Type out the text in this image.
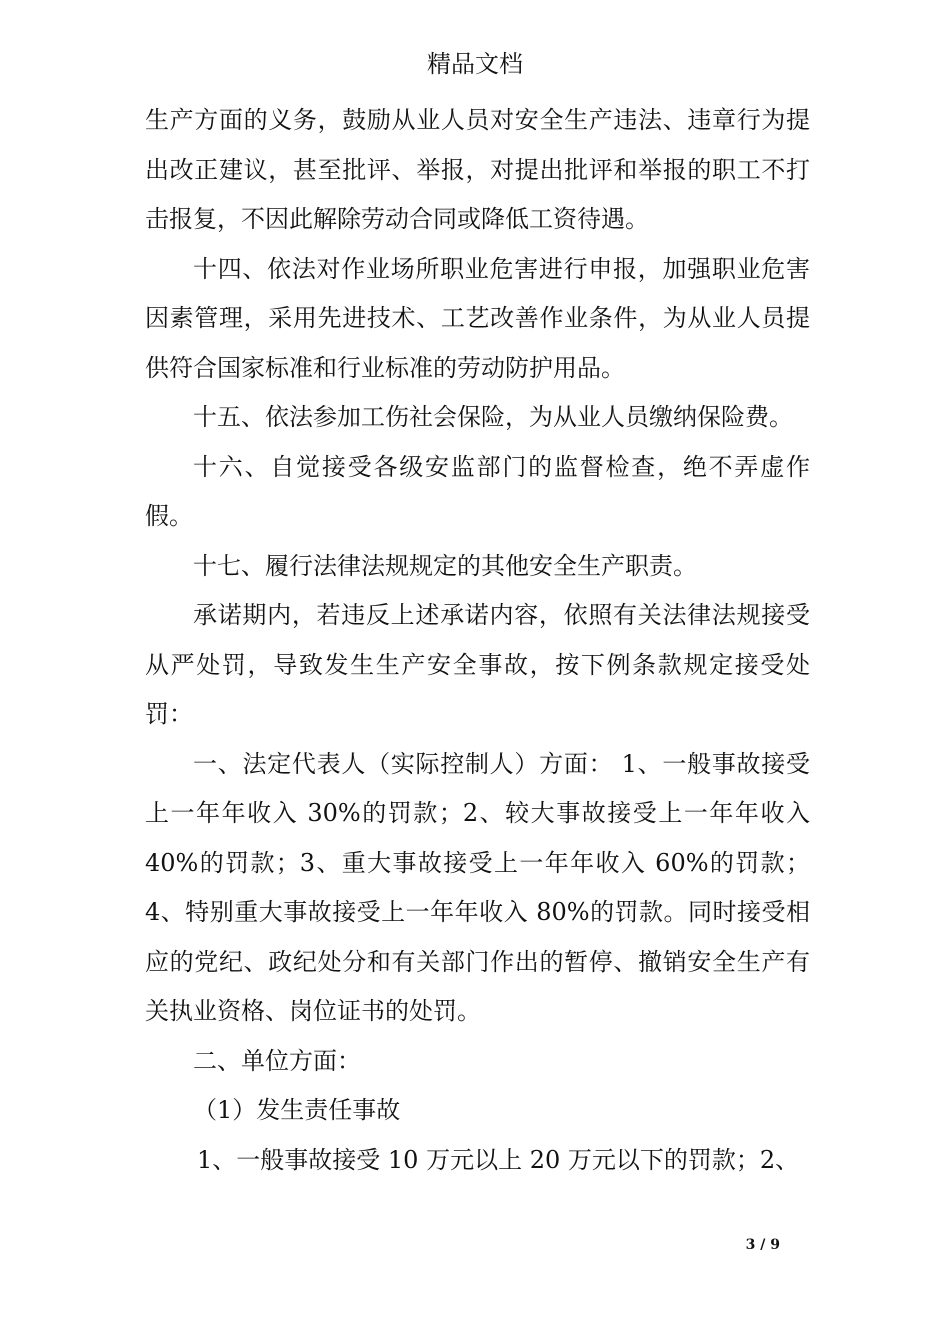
精品文档

生产方面的义务，鼓励从业人员对安全生产违法、违章行为提出改正建议，甚至批评、举报，对提出批评和举报的职工不打击报复，不因此解除劳动合同或降低工资待遇。

十四、依法对作业场所职业危害进行申报，加强职业危害因素管理，采用先进技术、工艺改善作业条件，为从业人员提供符合国家标准和行业标准的劳动防护用品。

十五、依法参加工伤社会保险，为从业人员缴纳保险费。

十六、自觉接受各级安监部门的监督检查，绝不弄虚作假。

十七、履行法律法规规定的其他安全生产职责。

承诺期内，若违反上述承诺内容，依照有关法律法规接受从严处罚，导致发生生产安全事故，按下例条款规定接受处罚：

一、法定代表人（实际控制人）方面： 1、一般事故接受上一年年收入 30%的罚款；2、较大事故接受上一年年收入 40%的罚款；3、重大事故接受上一年年收入 60%的罚款；4、特别重大事故接受上一年年收入 80%的罚款。同时接受相应的党纪、政纪处分和有关部门作出的暂停、撤销安全生产有关执业资格、岗位证书的处罚。

二、单位方面：

（1）发生责任事故

1、一般事故接受 10 万元以上 20 万元以下的罚款；2、

3 / 9
